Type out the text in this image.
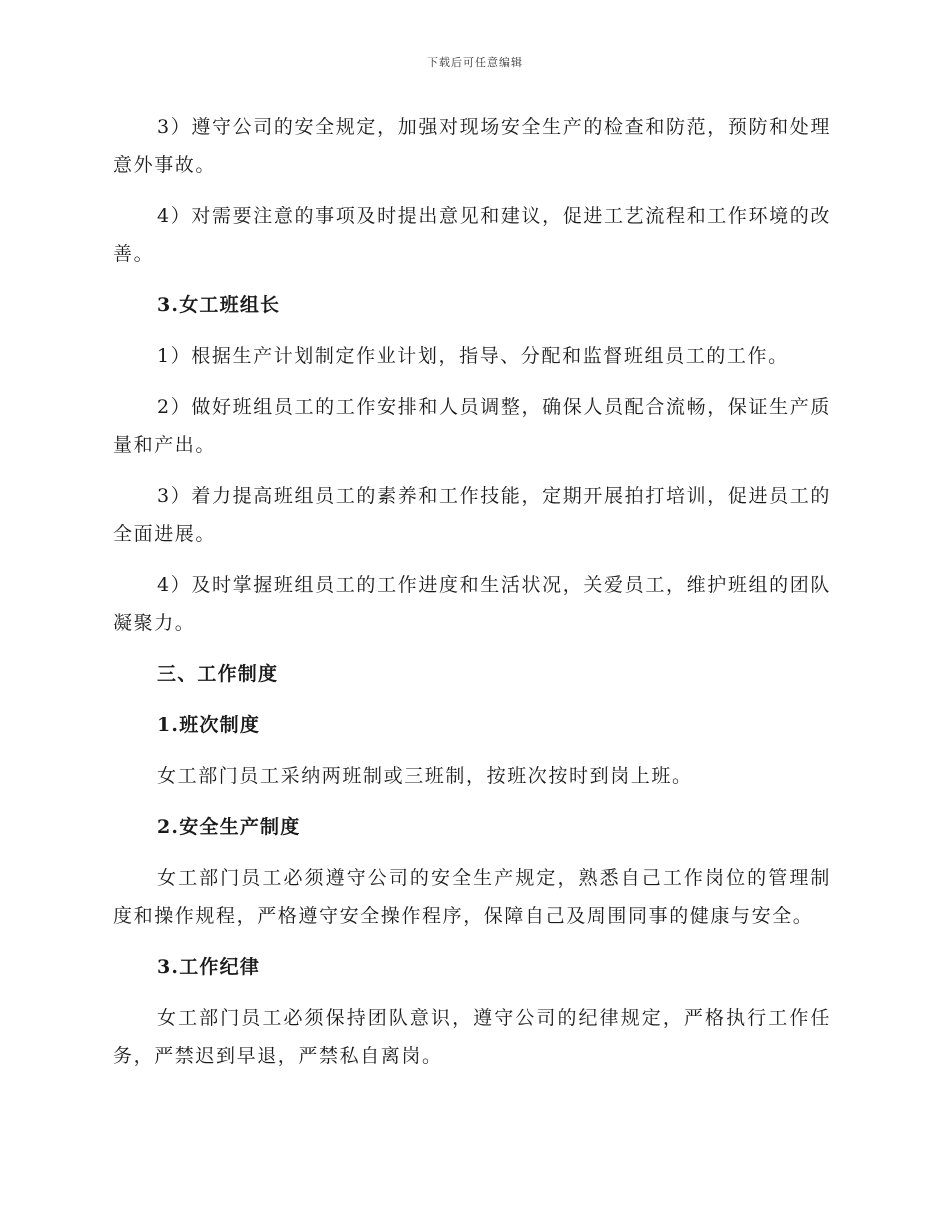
下载后可任意编辑

3）遵守公司的安全规定，加强对现场安全生产的检查和防范，预防和处理意外事故。

4）对需要注意的事项及时提出意见和建议，促进工艺流程和工作环境的改善。

3.女工班组长

1）根据生产计划制定作业计划，指导、分配和监督班组员工的工作。

2）做好班组员工的工作安排和人员调整，确保人员配合流畅，保证生产质量和产出。

3）着力提高班组员工的素养和工作技能，定期开展拍打培训，促进员工的全面进展。

4）及时掌握班组员工的工作进度和生活状况，关爱员工，维护班组的团队凝聚力。

三、工作制度

1.班次制度

女工部门员工采纳两班制或三班制，按班次按时到岗上班。

2.安全生产制度

女工部门员工必须遵守公司的安全生产规定，熟悉自己工作岗位的管理制度和操作规程，严格遵守安全操作程序，保障自己及周围同事的健康与安全。

3.工作纪律

女工部门员工必须保持团队意识，遵守公司的纪律规定，严格执行工作任务，严禁迟到早退，严禁私自离岗。
